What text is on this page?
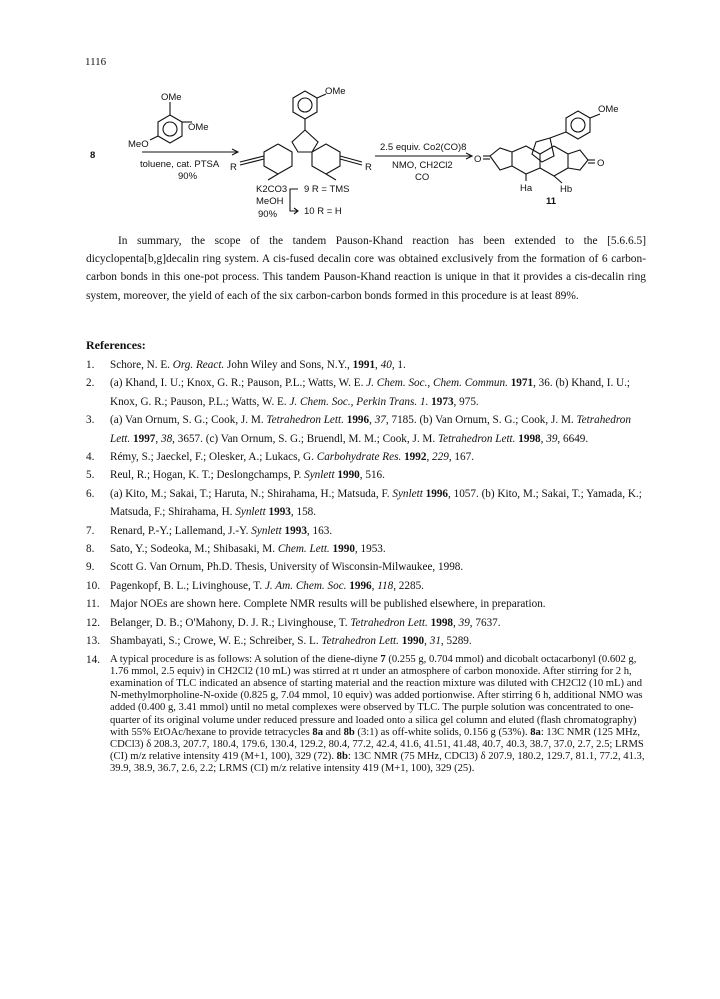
1116
8
OMe
OMe
MeO
toluene, cat. PTSA
90%
OMe
R	R
K2CO3
MeOH
90%
9 R = TMS
10 R = H
2.5 equiv. Co2(CO)8
NMO, CH2Cl2
CO
OMe
O	O
Ha	Hb
11

In summary, the scope of the tandem Pauson-Khand reaction has been extended to the [5.6.6.5] dicyclopenta[b,g]decalin ring system. A cis-fused decalin core was obtained exclusively from the formation of 6 carbon-carbon bonds in this one-pot process. This tandem Pauson-Khand reaction is unique in that it provides a cis-decalin ring system, moreover, the yield of each of the six carbon-carbon bonds formed in this procedure is at least 89%.

References:
1.	Schore, N. E. Org. React. John Wiley and Sons, N.Y., 1991, 40, 1.
2.	(a) Khand, I. U.; Knox, G. R.; Pauson, P.L.; Watts, W. E. J. Chem. Soc., Chem. Commun. 1971, 36. (b) Khand, I. U.; Knox, G. R.; Pauson, P.L.; Watts, W. E. J. Chem. Soc., Perkin Trans. 1. 1973, 975.
3.	(a) Van Ornum, S. G.; Cook, J. M. Tetrahedron Lett. 1996, 37, 7185. (b) Van Ornum, S. G.; Cook, J. M. Tetrahedron Lett. 1997, 38, 3657. (c) Van Ornum, S. G.; Bruendl, M. M.; Cook, J. M. Tetrahedron Lett. 1998, 39, 6649.
4.	Rémy, S.; Jaeckel, F.; Olesker, A.; Lukacs, G. Carbohydrate Res. 1992, 229, 167.
5.	Reul, R.; Hogan, K. T.; Deslongchamps, P. Synlett 1990, 516.
6.	(a) Kito, M.; Sakai, T.; Haruta, N.; Shirahama, H.; Matsuda, F. Synlett 1996, 1057. (b) Kito, M.; Sakai, T.; Yamada, K.; Matsuda, F.; Shirahama, H. Synlett 1993, 158.
7.	Renard, P.-Y.; Lallemand, J.-Y. Synlett 1993, 163.
8.	Sato, Y.; Sodeoka, M.; Shibasaki, M. Chem. Lett. 1990, 1953.
9.	Scott G. Van Ornum, Ph.D. Thesis, University of Wisconsin-Milwaukee, 1998.
10. Pagenkopf, B. L.; Livinghouse, T. J. Am. Chem. Soc. 1996, 118, 2285.
11. Major NOEs are shown here. Complete NMR results will be published elsewhere, in preparation.
12. Belanger, D. B.; O'Mahony, D. J. R.; Livinghouse, T. Tetrahedron Lett. 1998, 39, 7637.
13. Shambayati, S.; Crowe, W. E.; Schreiber, S. L. Tetrahedron Lett. 1990, 31, 5289.
14. A typical procedure is as follows: A solution of the diene-diyne 7 (0.255 g, 0.704 mmol) and dicobalt octacarbonyl (0.602 g, 1.76 mmol, 2.5 equiv) in CH2Cl2 (10 mL) was stirred at rt under an atmosphere of carbon monoxide. After stirring for 2 h, examination of TLC indicated an absence of starting material and the reaction mixture was diluted with CH2Cl2 (10 mL) and N-methylmorpholine-N-oxide (0.825 g, 7.04 mmol, 10 equiv) was added portionwise. After stirring 6 h, additional NMO was added (0.400 g, 3.41 mmol) until no metal complexes were observed by TLC. The purple solution was concentrated to one-quarter of its original volume under reduced pressure and loaded onto a silica gel column and eluted (flash chromatography) with 55% EtOAc/hexane to provide tetracycles 8a and 8b (3:1) as off-white solids, 0.156 g (53%). 8a: 13C NMR (125 MHz, CDCl3) δ 208.3, 207.7, 180.4, 179.6, 130.4, 129.2, 80.4, 77.2, 42.4, 41.6, 41.51, 41.48, 40.7, 40.3, 38.7, 37.0, 2.7, 2.5; LRMS (CI) m/z relative intensity 419 (M+1, 100), 329 (72). 8b: 13C NMR (75 MHz, CDCl3) δ 207.9, 180.2, 129.7, 81.1, 77.2, 41.3, 39.9, 38.9, 36.7, 2.6, 2.2; LRMS (CI) m/z relative intensity 419 (M+1, 100), 329 (25).
